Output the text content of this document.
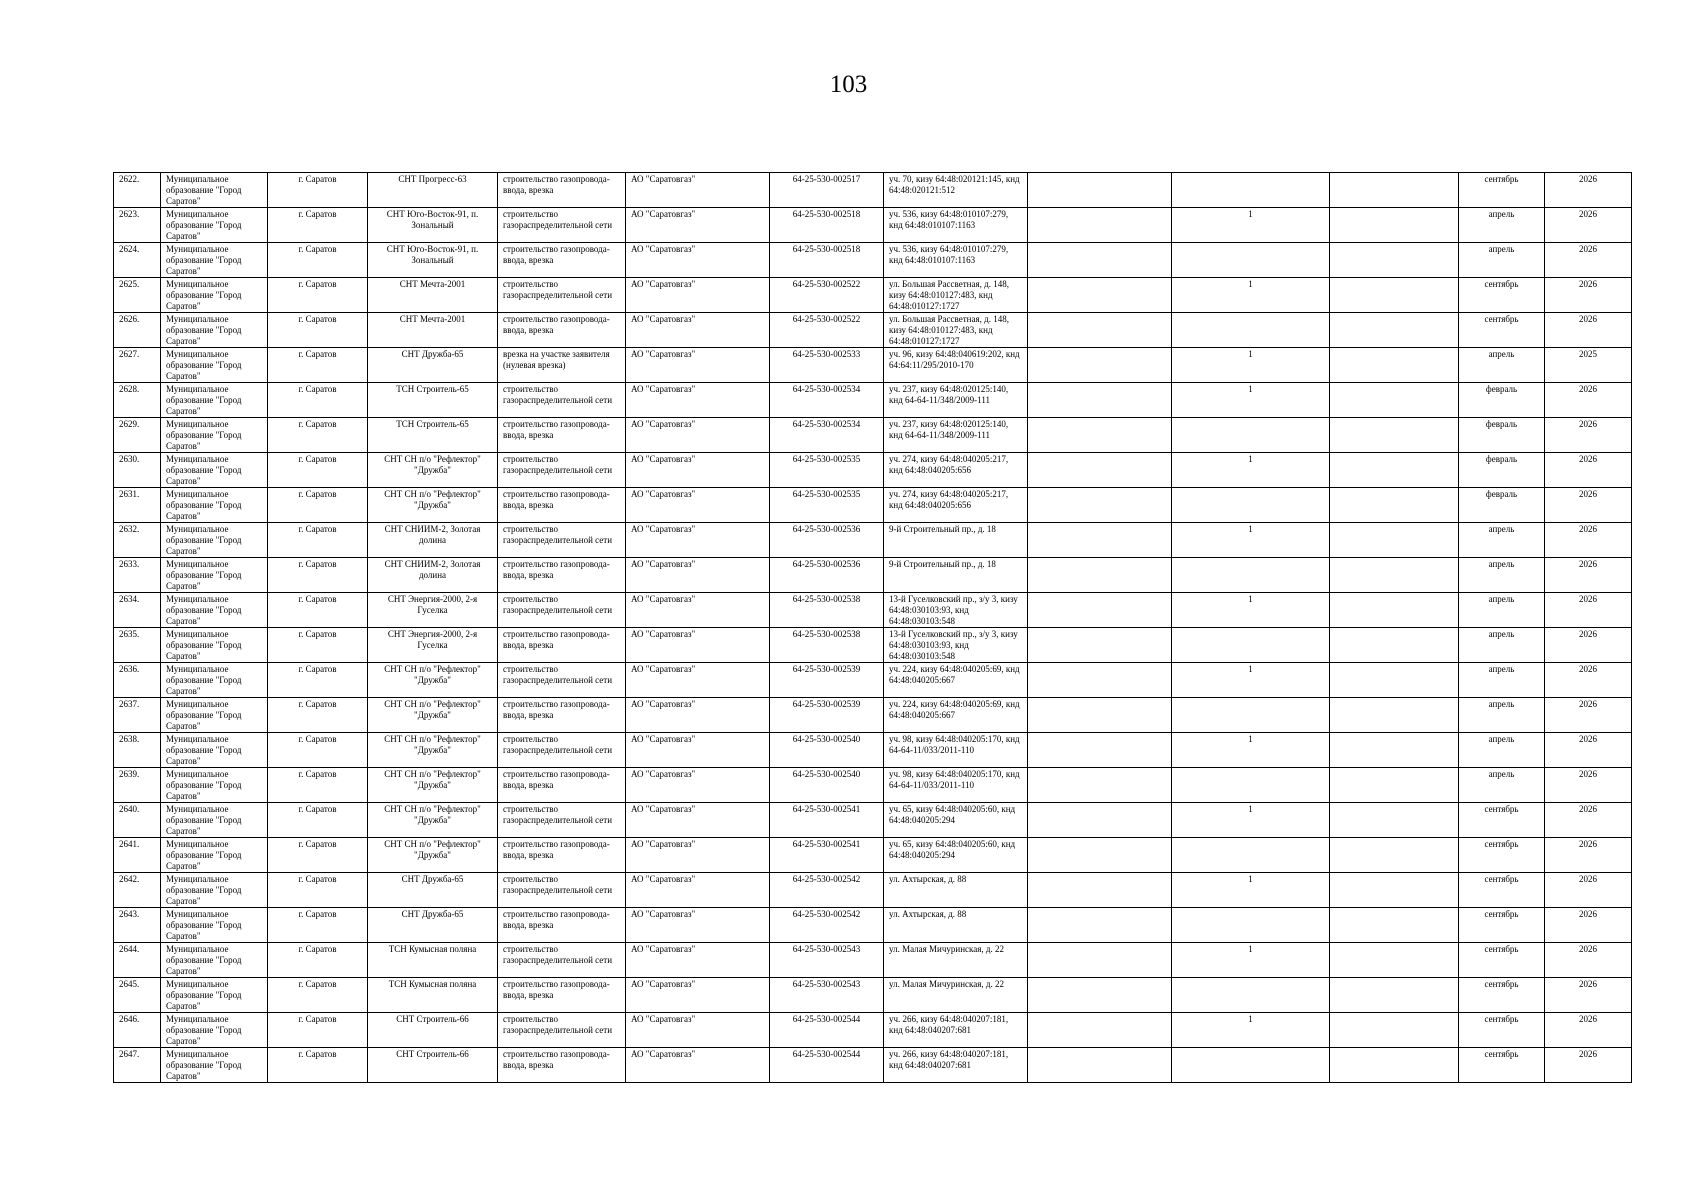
103
2622.	Муниципальное образование "Город Саратов"	г. Саратов	СНТ Прогресс-63	строительство газопровода-ввода, врезка	АО "Саратовгаз"	64-25-530-002517	уч. 70, кизу 64:48:020121:145, кнд 64:48:020121:512				сентябрь	2026
2623.	Муниципальное образование "Город Саратов"	г. Саратов	СНТ Юго-Восток-91, п. Зональный	строительство газораспределительной сети	АО "Саратовгаз"	64-25-530-002518	уч. 536, кизу 64:48:010107:279, кнд 64:48:010107:1163		1		апрель	2026
2624.	Муниципальное образование "Город Саратов"	г. Саратов	СНТ Юго-Восток-91, п. Зональный	строительство газопровода-ввода, врезка	АО "Саратовгаз"	64-25-530-002518	уч. 536, кизу 64:48:010107:279, кнд 64:48:010107:1163				апрель	2026
2625.	Муниципальное образование "Город Саратов"	г. Саратов	СНТ Мечта-2001	строительство газораспределительной сети	АО "Саратовгаз"	64-25-530-002522	ул. Большая Рассветная, д. 148, кизу 64:48:010127:483, кнд 64:48:010127:1727		1		сентябрь	2026
2626.	Муниципальное образование "Город Саратов"	г. Саратов	СНТ Мечта-2001	строительство газопровода-ввода, врезка	АО "Саратовгаз"	64-25-530-002522	ул. Большая Рассветная, д. 148, кизу 64:48:010127:483, кнд 64:48:010127:1727				сентябрь	2026
2627.	Муниципальное образование "Город Саратов"	г. Саратов	СНТ Дружба-65	врезка на участке заявителя (нулевая врезка)	АО "Саратовгаз"	64-25-530-002533	уч. 96, кизу 64:48:040619:202, кнд 64:64:11/295/2010-170		1		апрель	2025
2628.	Муниципальное образование "Город Саратов"	г. Саратов	ТСН Строитель-65	строительство газораспределительной сети	АО "Саратовгаз"	64-25-530-002534	уч. 237, кизу 64:48:020125:140, кнд 64-64-11/348/2009-111		1		февраль	2026
2629.	Муниципальное образование "Город Саратов"	г. Саратов	ТСН Строитель-65	строительство газопровода-ввода, врезка	АО "Саратовгаз"	64-25-530-002534	уч. 237, кизу 64:48:020125:140, кнд 64-64-11/348/2009-111				февраль	2026
2630.	Муниципальное образование "Город Саратов"	г. Саратов	СНТ СН п/о "Рефлектор" "Дружба"	строительство газораспределительной сети	АО "Саратовгаз"	64-25-530-002535	уч. 274, кизу 64:48:040205:217, кнд 64:48:040205:656		1		февраль	2026
2631.	Муниципальное образование "Город Саратов"	г. Саратов	СНТ СН п/о "Рефлектор" "Дружба"	строительство газопровода-ввода, врезка	АО "Саратовгаз"	64-25-530-002535	уч. 274, кизу 64:48:040205:217, кнд 64:48:040205:656				февраль	2026
2632.	Муниципальное образование "Город Саратов"	г. Саратов	СНТ СНИИМ-2, Золотая долина	строительство газораспределительной сети	АО "Саратовгаз"	64-25-530-002536	9-й Строительный пр., д. 18		1		апрель	2026
2633.	Муниципальное образование "Город Саратов"	г. Саратов	СНТ СНИИМ-2, Золотая долина	строительство газопровода-ввода, врезка	АО "Саратовгаз"	64-25-530-002536	9-й Строительный пр., д. 18				апрель	2026
2634.	Муниципальное образование "Город Саратов"	г. Саратов	СНТ Энергия-2000, 2-я Гуселка	строительство газораспределительной сети	АО "Саратовгаз"	64-25-530-002538	13-й Гуселковский пр., з/у 3, кизу 64:48:030103:93, кнд 64:48:030103:548		1		апрель	2026
2635.	Муниципальное образование "Город Саратов"	г. Саратов	СНТ Энергия-2000, 2-я Гуселка	строительство газопровода-ввода, врезка	АО "Саратовгаз"	64-25-530-002538	13-й Гуселковский пр., з/у 3, кизу 64:48:030103:93, кнд 64:48:030103:548				апрель	2026
2636.	Муниципальное образование "Город Саратов"	г. Саратов	СНТ СН п/о "Рефлектор" "Дружба"	строительство газораспределительной сети	АО "Саратовгаз"	64-25-530-002539	уч. 224, кизу 64:48:040205:69, кнд 64:48:040205:667		1		апрель	2026
2637.	Муниципальное образование "Город Саратов"	г. Саратов	СНТ СН п/о "Рефлектор" "Дружба"	строительство газопровода-ввода, врезка	АО "Саратовгаз"	64-25-530-002539	уч. 224, кизу 64:48:040205:69, кнд 64:48:040205:667				апрель	2026
2638.	Муниципальное образование "Город Саратов"	г. Саратов	СНТ СН п/о "Рефлектор" "Дружба"	строительство газораспределительной сети	АО "Саратовгаз"	64-25-530-002540	уч. 98, кизу 64:48:040205:170, кнд 64-64-11/033/2011-110		1		апрель	2026
2639.	Муниципальное образование "Город Саратов"	г. Саратов	СНТ СН п/о "Рефлектор" "Дружба"	строительство газопровода-ввода, врезка	АО "Саратовгаз"	64-25-530-002540	уч. 98, кизу 64:48:040205:170, кнд 64-64-11/033/2011-110				апрель	2026
2640.	Муниципальное образование "Город Саратов"	г. Саратов	СНТ СН п/о "Рефлектор" "Дружба"	строительство газораспределительной сети	АО "Саратовгаз"	64-25-530-002541	уч. 65, кизу 64:48:040205:60, кнд 64:48:040205:294		1		сентябрь	2026
2641.	Муниципальное образование "Город Саратов"	г. Саратов	СНТ СН п/о "Рефлектор" "Дружба"	строительство газопровода-ввода, врезка	АО "Саратовгаз"	64-25-530-002541	уч. 65, кизу 64:48:040205:60, кнд 64:48:040205:294				сентябрь	2026
2642.	Муниципальное образование "Город Саратов"	г. Саратов	СНТ Дружба-65	строительство газораспределительной сети	АО "Саратовгаз"	64-25-530-002542	ул. Ахтырская, д. 88		1		сентябрь	2026
2643.	Муниципальное образование "Город Саратов"	г. Саратов	СНТ Дружба-65	строительство газопровода-ввода, врезка	АО "Саратовгаз"	64-25-530-002542	ул. Ахтырская, д. 88				сентябрь	2026
2644.	Муниципальное образование "Город Саратов"	г. Саратов	ТСН Кумысная поляна	строительство газораспределительной сети	АО "Саратовгаз"	64-25-530-002543	ул. Малая Мичуринская, д. 22		1		сентябрь	2026
2645.	Муниципальное образование "Город Саратов"	г. Саратов	ТСН Кумысная поляна	строительство газопровода-ввода, врезка	АО "Саратовгаз"	64-25-530-002543	ул. Малая Мичуринская, д. 22				сентябрь	2026
2646.	Муниципальное образование "Город Саратов"	г. Саратов	СНТ Строитель-66	строительство газораспределительной сети	АО "Саратовгаз"	64-25-530-002544	уч. 266, кизу 64:48:040207:181, кнд 64:48:040207:681		1		сентябрь	2026
2647.	Муниципальное образование "Город Саратов"	г. Саратов	СНТ Строитель-66	строительство газопровода-ввода, врезка	АО "Саратовгаз"	64-25-530-002544	уч. 266, кизу 64:48:040207:181, кнд 64:48:040207:681				сентябрь	2026
